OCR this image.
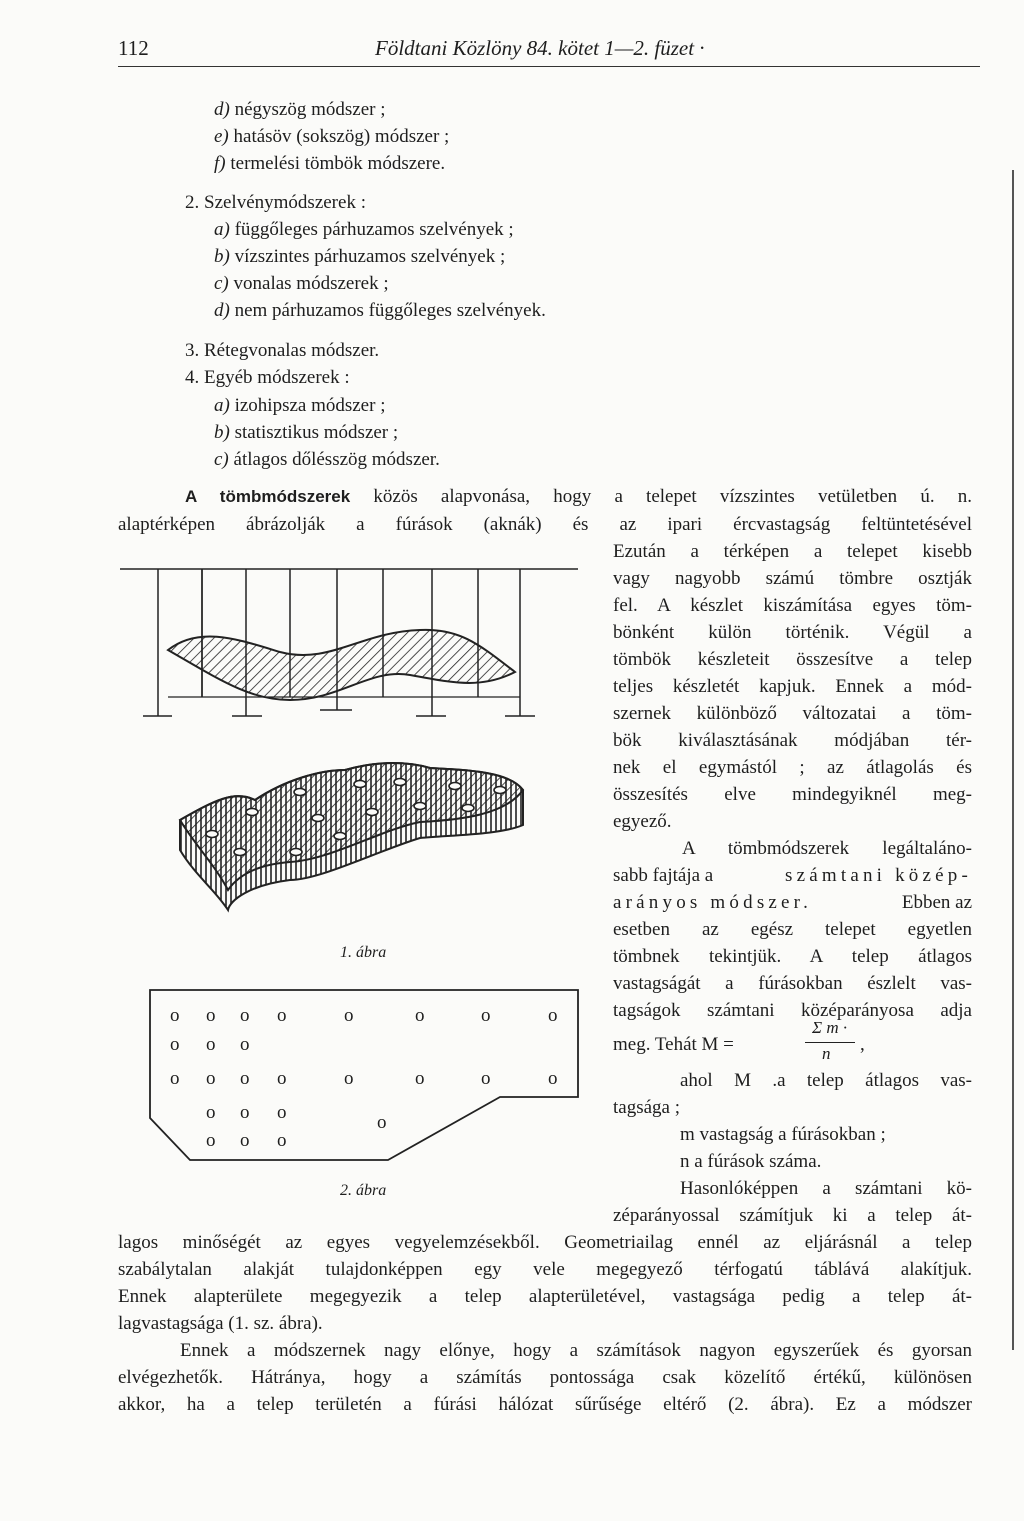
112	Földtani Közlöny 84. kötet 1—2. füzet ·
d) négyszög módszer ;
e) hatásöv (sokszög) módszer ;
f) termelési tömbök módszere.
2. Szelvénymódszerek :
a) függőleges párhuzamos szelvények ;
b) vízszintes párhuzamos szelvények ;
c) vonalas módszerek ;
d) nem párhuzamos függőleges szelvények.
3. Rétegvonalas módszer.
4. Egyéb módszerek :
a) izohipsza módszer ;
b) statisztikus módszer ;
c) átlagos dőlésszög módszer.
A tömbmódszerek közös alapvonása, hogy a telepet vízszintes vetületben ú. n.
alaptérképen ábrázolják a fúrások (aknák) és az ipari ércvastagság feltüntetésével
Ezután a térképen a telepet kisebb
vagy nagyobb számú tömbre osztják
fel. A készlet kiszámítása egyes töm-
bönként külön történik. Végül a
tömbök készleteit összesítve a telep
teljes készletét kapjuk. Ennek a mód-
szernek különböző változatai a töm-
bök kiválasztásának módjában tér-
nek el egymástól ; az átlagolás és
összesítés elve mindegyiknél meg-
egyező.
A tömbmódszerek legáltaláno-
sabb fajtája a	számtani közép-
arányos módszer.	Ebben az
esetben az egész telepet egyetlen
tömbnek tekintjük. A telep átlagos
vastagságát a fúrásokban észlelt vas-
tagságok számtani középarányosa adja
meg. Tehát M =
Σ m ·
n ,
ahol M .a telep átlagos vas-
tagsága ;
m vastagság a fúrásokban ;
n a fúrások száma.
Hasonlóképpen a számtani kö-
zéparányossal számítjuk ki a telep át-
lagos minőségét az egyes vegyelemzésekből. Geometriailag ennél az eljárásnál a telep
szabálytalan alakját tulajdonképpen egy vele megegyező térfogatú táblává alakítjuk.
Ennek alapterülete megegyezik a telep alapterületével, vastagsága pedig a telep át-
lagvastagsága (1. sz. ábra).
Ennek a módszernek nagy előnye, hogy a számítások nagyon egyszerűek és gyorsan
elvégezhetők. Hátránya, hogy a számítás pontossága csak közelítő értékű, különösen
akkor, ha a telep területén a fúrási hálózat sűrűsége eltérő (2. ábra). Ez a módszer
o o o o	o	o	o	o
o o o
o o o o	o	o	o	o
o o o	o
o o o
1. ábra
2. ábra
